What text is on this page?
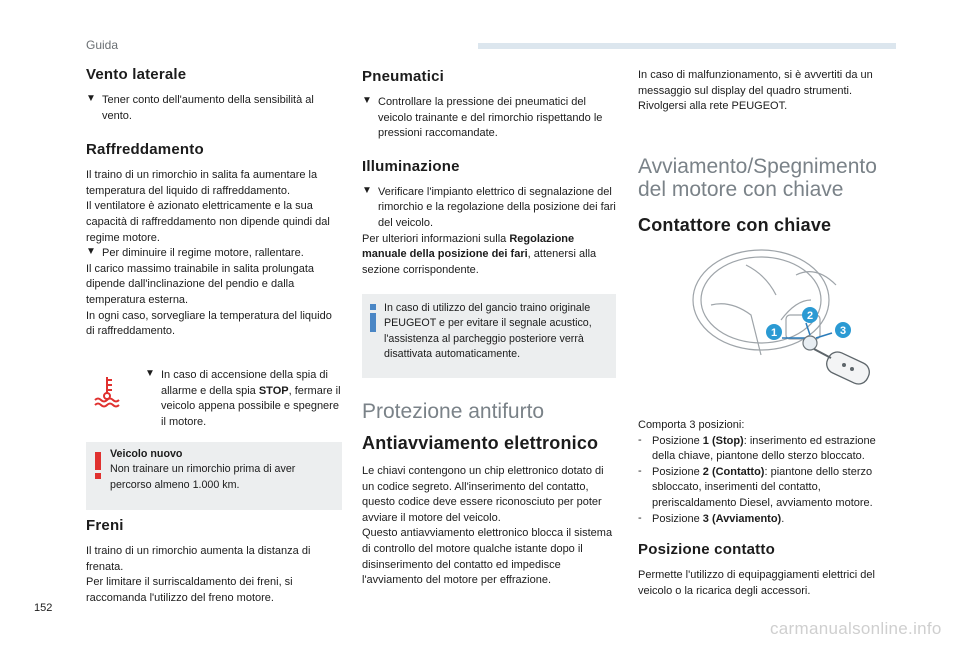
Guida
Vento laterale
▼ Tener conto dell'aumento della sensibilità al vento.
Raffreddamento

Il traino di un rimorchio in salita fa aumentare la temperatura del liquido di raffreddamento.

Il ventilatore è azionato elettricamente e la sua capacità di raffreddamento non dipende quindi dal regime motore.

▼ Per diminuire il regime motore, rallentare.

Il carico massimo trainabile in salita prolungata dipende dall'inclinazione del pendio e dalla temperatura esterna.

In ogni caso, sorvegliare la temperatura del liquido di raffreddamento.

▼ In caso di accensione della spia di allarme e della spia STOP, fermare il veicolo appena possibile e spegnere il motore.

Veicolo nuovo

Non trainare un rimorchio prima di aver percorso almeno 1.000 km.

Freni

Il traino di un rimorchio aumenta la distanza di frenata.

Per limitare il surriscaldamento dei freni, si raccomanda l'utilizzo del freno motore.

Pneumatici
▼ Controllare la pressione dei pneumatici del veicolo trainante e del rimorchio rispettando le pressioni raccomandate.
Illuminazione
▼ Verificare l'impianto elettrico di segnalazione del rimorchio e la regolazione della posizione dei fari del veicolo.

Per ulteriori informazioni sulla Regolazione manuale della posizione dei fari, attenersi alla sezione corrispondente.

In caso di utilizzo del gancio traino originale PEUGEOT e per evitare il segnale acustico, l'assistenza al parcheggio posteriore verrà disattivata automaticamente.

Protezione antifurto
Antiavviamento elettronico

Le chiavi contengono un chip elettronico dotato di un codice segreto. All'inserimento del contatto, questo codice deve essere riconosciuto per poter avviare il motore del veicolo.

Questo antiavviamento elettronico blocca il sistema di controllo del motore qualche istante dopo il disinserimento del contatto ed impedisce l'avviamento del motore per effrazione.

In caso di malfunzionamento, si è avvertiti da un messaggio sul display del quadro strumenti. Rivolgersi alla rete PEUGEOT.

Avviamento/Spegnimento
del motore con chiave
Contattore con chiave
1
2
3

Comporta 3 posizioni:

- Posizione 1 (Stop): inserimento ed estrazione della chiave, piantone dello sterzo bloccato.
- Posizione 2 (Contatto): piantone dello sterzo sbloccato, inserimenti del contatto, preriscaldamento Diesel, avviamento motore.
- Posizione 3 (Avviamento).
Posizione contatto

Permette l'utilizzo di equipaggiamenti elettrici del veicolo o la ricarica degli accessori.

152
carmanualsonline.info
